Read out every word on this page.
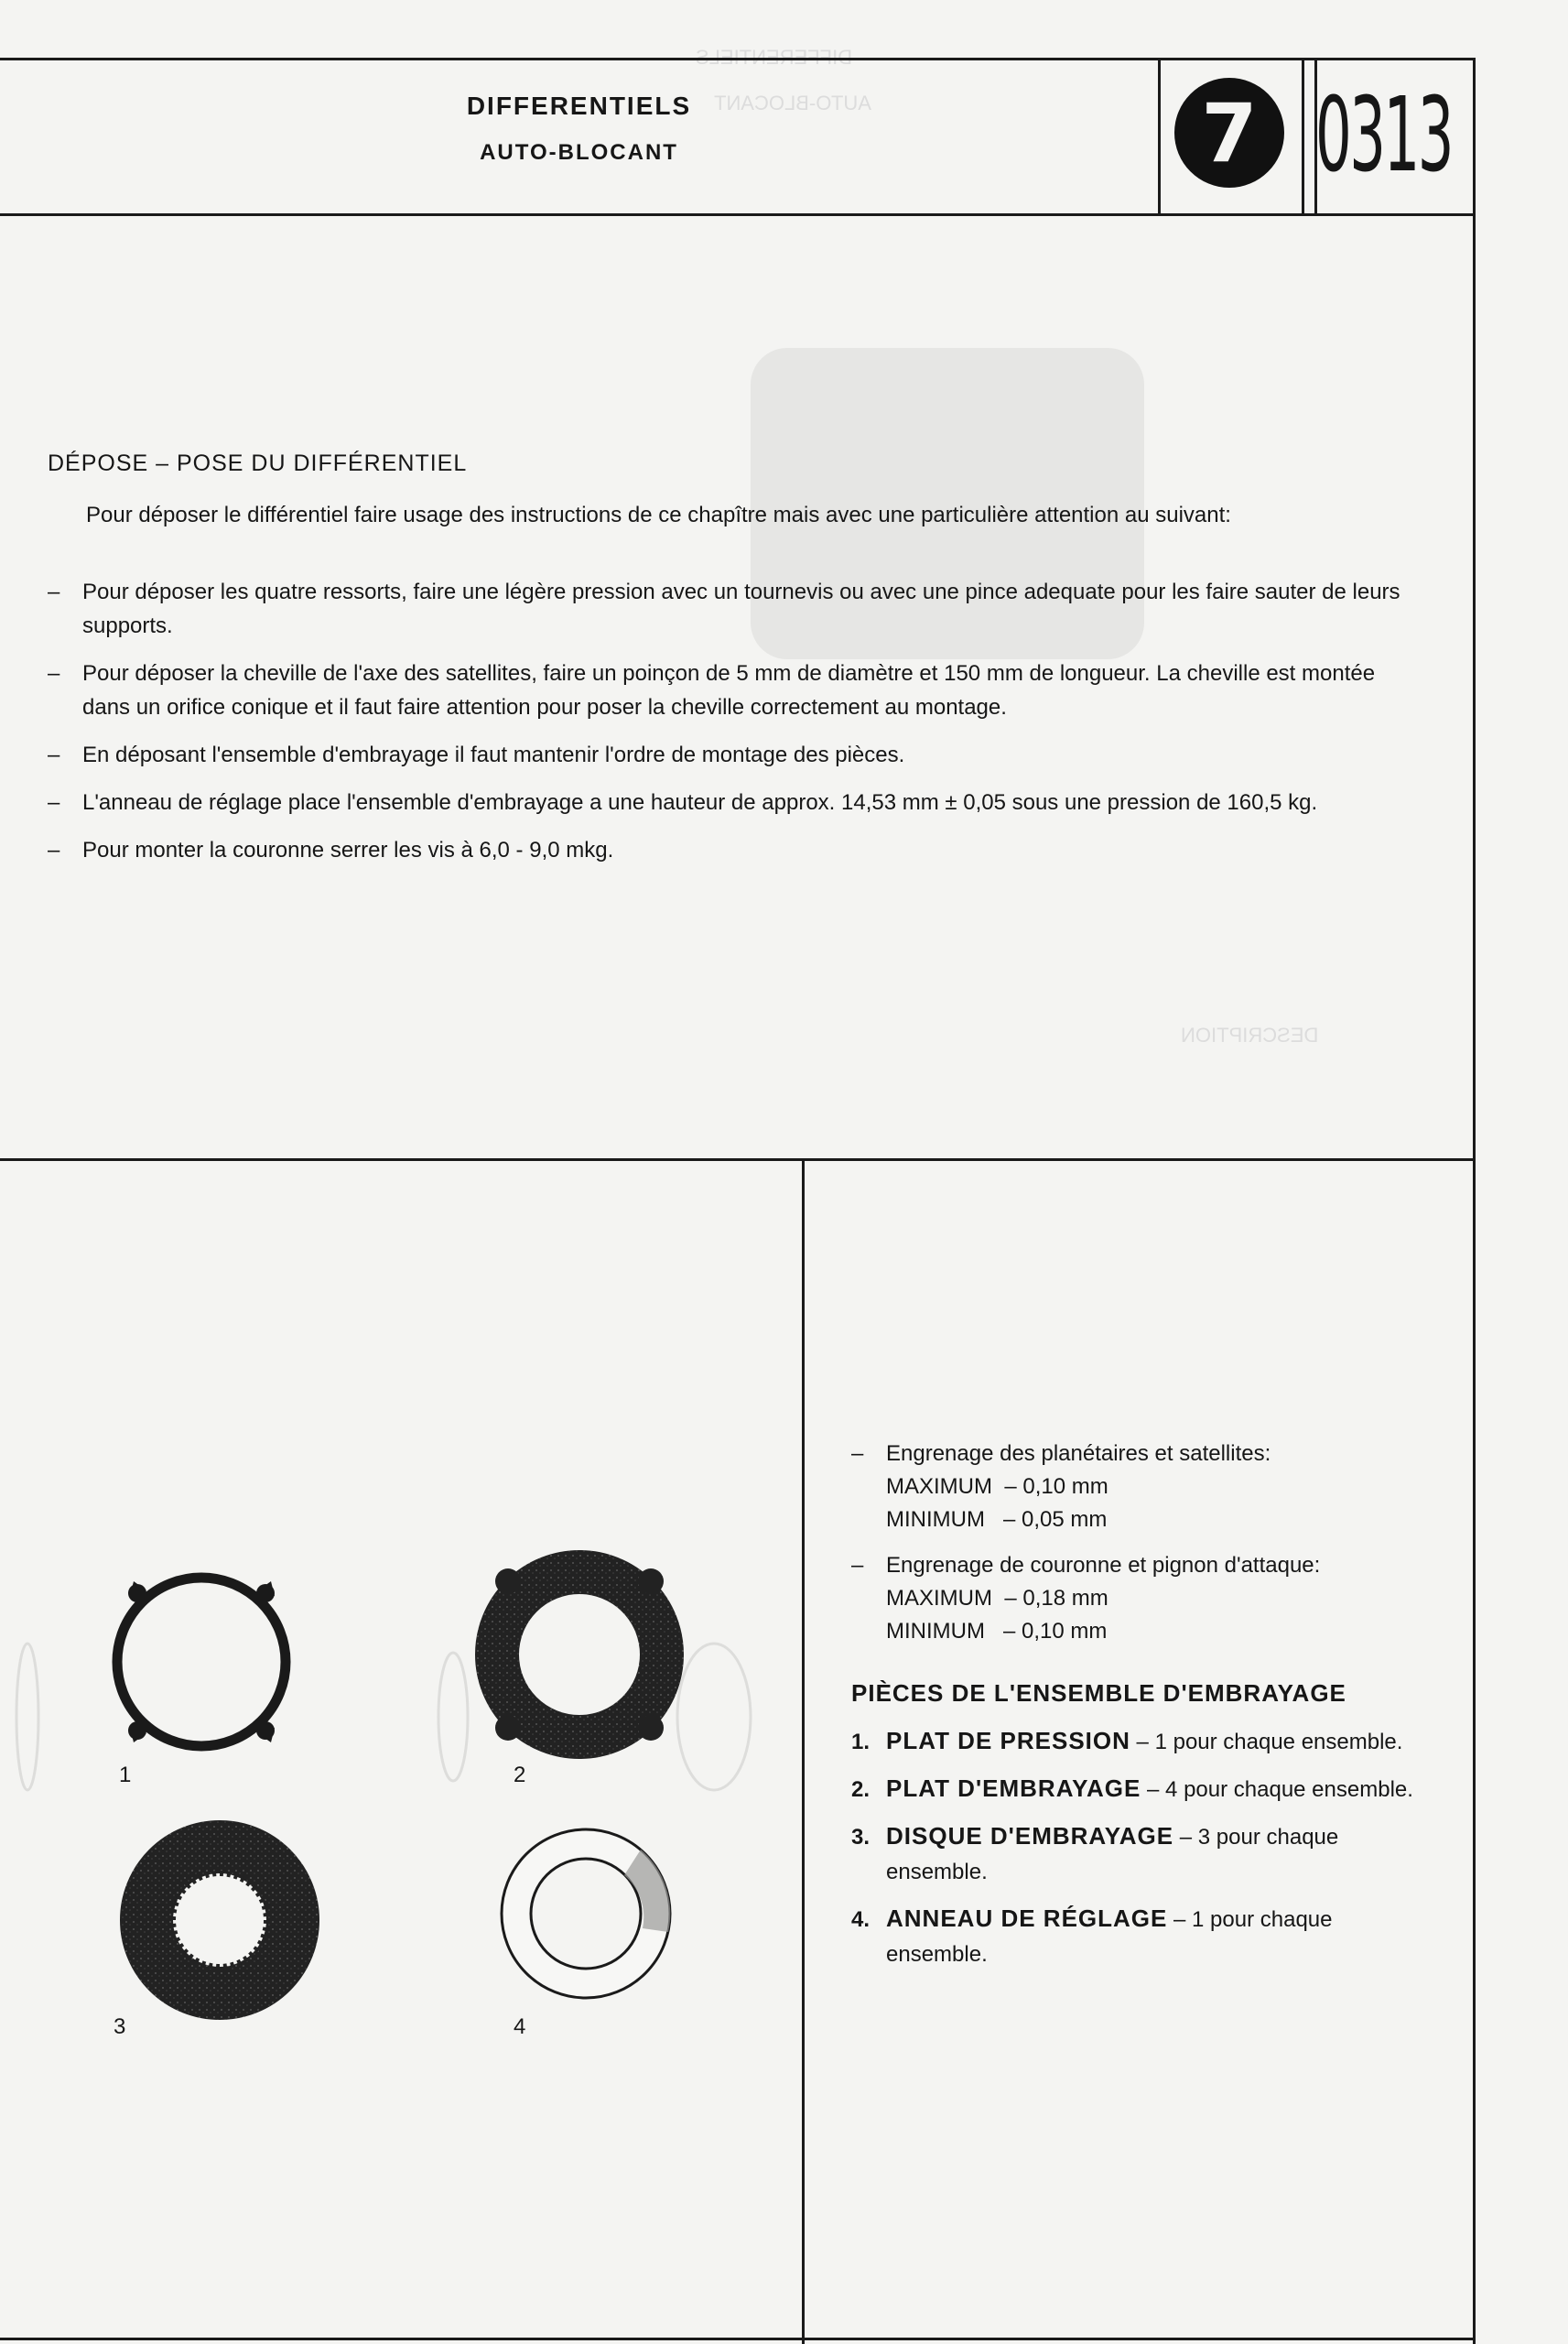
AUTO-BLOCANT
DESCRIPTION
DIFFERENTIELS
AUTO-BLOCANT	7 0313
DÉPOSE – POSE DU DIFFÉRENTIEL
Pour déposer le différentiel faire usage des instructions de ce chapître mais avec une particulière attention au suivant:
– Pour déposer les quatre ressorts, faire une légère pression avec un tournevis ou avec une pince adequate pour les faire sauter de leurs supports.
– Pour déposer la cheville de l'axe des satellites, faire un poinçon de 5 mm de diamètre et 150 mm de longueur. La cheville est montée dans un orifice conique et il faut faire attention pour poser la cheville correctement au montage.
– En déposant l'ensemble d'embrayage il faut mantenir l'ordre de montage des pièces.
– L'anneau de réglage place l'ensemble d'embrayage a une hauteur de approx. 14,53 mm ± 0,05 sous une pression de 160,5 kg.
– Pour monter la couronne serrer les vis à 6,0 - 9,0 mkg.
1	2
3	4
– Engrenage des planétaires et satellites:
MAXIMUM  – 0,10 mm
MINIMUM   – 0,05 mm
– Engrenage de couronne et pignon d'attaque:
MAXIMUM  – 0,18 mm
MINIMUM   – 0,10 mm
PIÈCES DE L'ENSEMBLE D'EMBRAYAGE
1. PLAT DE PRESSION – 1 pour chaque ensemble.
2. PLAT D'EMBRAYAGE – 4 pour chaque ensemble.
3. DISQUE D'EMBRAYAGE – 3 pour chaque ensemble.
4. ANNEAU DE RÉGLAGE – 1 pour chaque ensemble.
